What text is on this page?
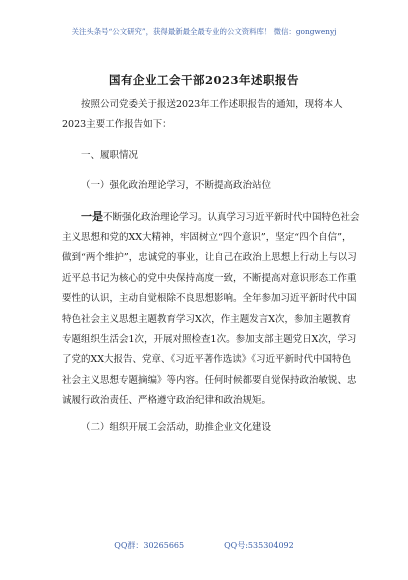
关注头条号“公文研究”，获得最新最全最专业的公文资料库！ 微信：gongwenyj
国有企业工会干部2023年述职报告

按照公司党委关于报送2023年工作述职报告的通知，现将本人2023主要工作报告如下：

一、履职情况

（一）强化政治理论学习，不断提高政治站位

一是不断强化政治理论学习。认真学习习近平新时代中国特色社会主义思想和党的XX大精神，牢固树立“四个意识”，坚定“四个自信”，做到“两个维护”，忠诚党的事业，让自己在政治上思想上行动上与以习近平总书记为核心的党中央保持高度一致，不断提高对意识形态工作重要性的认识，主动自觉根除不良思想影响。全年参加习近平新时代中国特色社会主义思想主题教育学习X次，作主题发言X次，参加主题教育专题组织生活会1次，开展对照检查1次。参加支部主题党日X次，学习了党的XX大报告、党章、《习近平著作选读》《习近平新时代中国特色社会主义思想专题摘编》等内容。任何时候都要自觉保持政治敏锐、忠诚履行政治责任、严格遵守政治纪律和政治规矩。

（二）组织开展工会活动，助推企业文化建设

QQ群：30265665	QQ号:535304092
